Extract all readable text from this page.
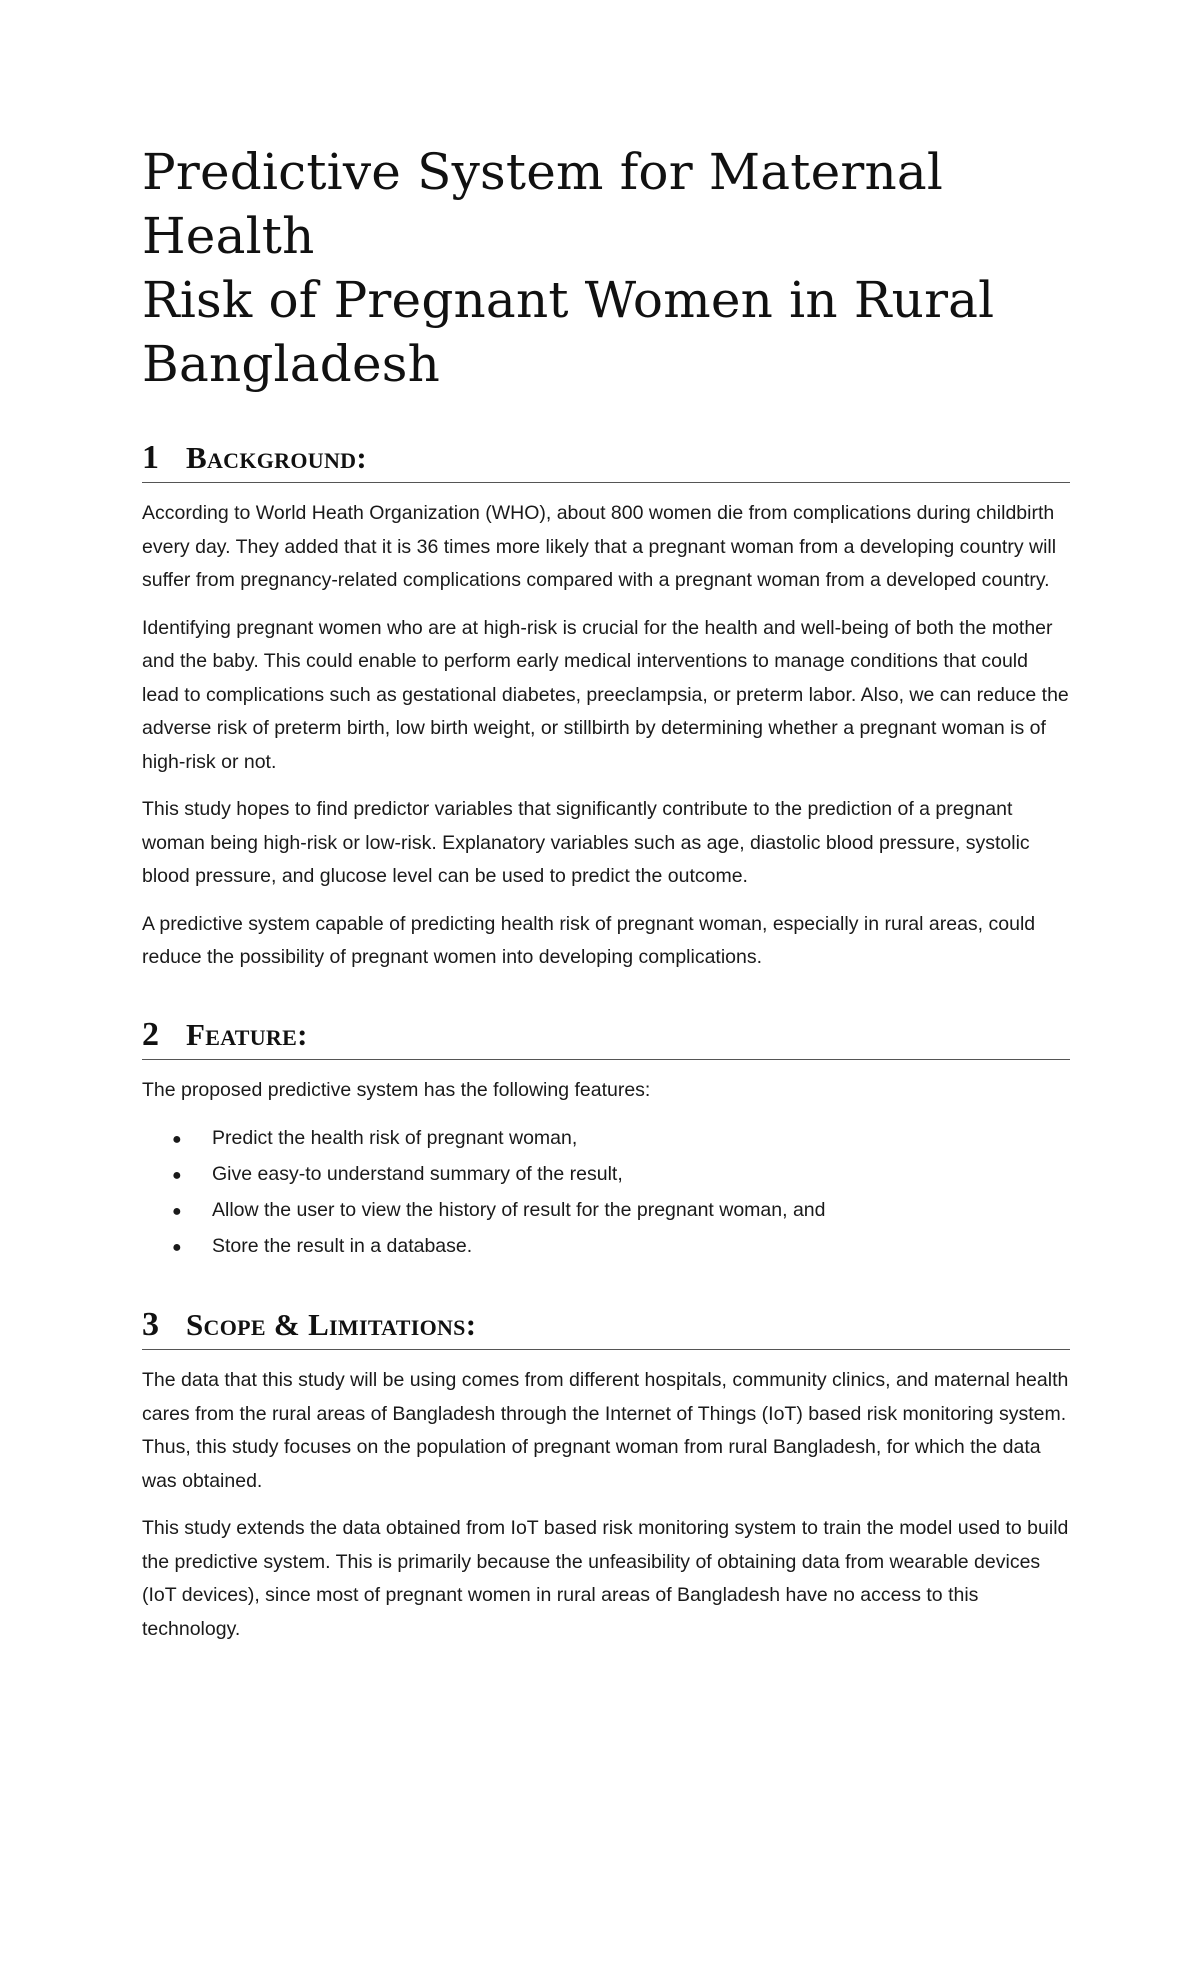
Predictive System for Maternal Health
Risk of Pregnant Women in Rural
Bangladesh
1 Background:

According to World Heath Organization (WHO), about 800 women die from complications during childbirth every day. They added that it is 36 times more likely that a pregnant woman from a developing country will suffer from pregnancy-related complications compared with a pregnant woman from a developed country.

Identifying pregnant women who are at high-risk is crucial for the health and well-being of both the mother and the baby. This could enable to perform early medical interventions to manage conditions that could lead to complications such as gestational diabetes, preeclampsia, or preterm labor. Also, we can reduce the adverse risk of preterm birth, low birth weight, or stillbirth by determining whether a pregnant woman is of high-risk or not.

This study hopes to find predictor variables that significantly contribute to the prediction of a pregnant woman being high-risk or low-risk. Explanatory variables such as age, diastolic blood pressure, systolic blood pressure, and glucose level can be used to predict the outcome.

A predictive system capable of predicting health risk of pregnant woman, especially in rural areas, could reduce the possibility of pregnant women into developing complications.

2 Feature:

The proposed predictive system has the following features:

●	Predict the health risk of pregnant woman,
●	Give easy-to understand summary of the result,
●	Allow the user to view the history of result for the pregnant woman, and
●	Store the result in a database.
3 Scope & Limitations:

The data that this study will be using comes from different hospitals, community clinics, and maternal health cares from the rural areas of Bangladesh through the Internet of Things (IoT) based risk monitoring system. Thus, this study focuses on the population of pregnant woman from rural Bangladesh, for which the data was obtained.

This study extends the data obtained from IoT based risk monitoring system to train the model used to build the predictive system. This is primarily because the unfeasibility of obtaining data from wearable devices (IoT devices), since most of pregnant women in rural areas of Bangladesh have no access to this technology.
